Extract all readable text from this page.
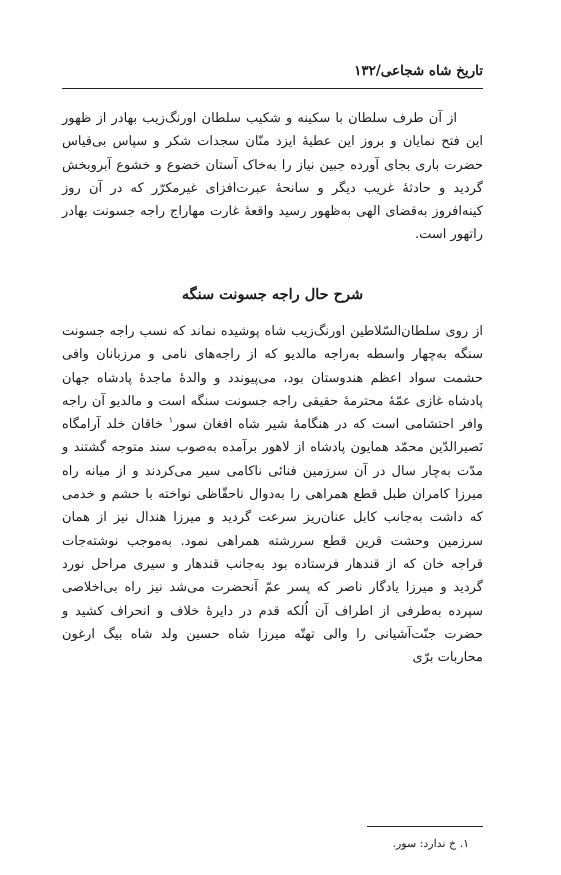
تاریخ شاه شجاعی/۱۳۲

از آن طرف سلطان با سکینه و شکیب سلطان اورنگ‌زیب بهادر از ظهور این فتح نمایان و بروز این عطیهٔ ایزد منّان سجدات شکر و سپاس بی‌قیاس حضرت باری بجای آورده جبین نیاز را به‌خاک آستان خضوع و خشوع آبروبخش گردید و حادثهٔ غریب دیگر و سانحهٔ عبرت‌افزای غیرمکرّر که در آن روز کینه‌افروز به‌قضای الهی به‌ظهور رسید واقعهٔ غارت مهاراج راجه جسونت بهادر راتهور است.

شرح حال راجه جسونت سنگه

از روی سلطان‌السّلاطین اورنگ‌زیب شاه پوشیده نماند که نسب راجه جسونت سنگه به‌چهار واسطه به‌راجه مالدیو که از راجه‌های نامی و مرزبانان وافی حشمت سواد اعظم هندوستان بود، می‌پیوندد و والدهٔ ماجدهٔ پادشاه جهان پادشاه غازی عمّهٔ محترمهٔ حقیقی راجه جسونت سنگه است و مالدیو آن راجه وافر احتشامی است که در هنگامهٔ شیر شاه افغان سور$^۱$ خاقان خلد آرامگاه نَصیرالدّین محمّد همایون پادشاه از لاهور برآمده به‌صوب سند متوجه گشتند و مدّت به‌چار سال در آن سرزمین فنائی ناکامی سیر می‌کردند و از میانه راه میرزا کامران طبل قطع همراهی را به‌دوال ناحقّاظی نواخته با حشم و خدمی که داشت به‌جانب کابل عنان‌ریز سرعت گردید و میرزا هندال نیز از همان سرزمین وحشت قرین قطع سررشته همراهی نمود. به‌موجب نوشته‌جات قراجه خان که از قندهار فرستاده بود به‌جانب قندهار و سیری مراحل نورد گردید و میرزا یادگار ناصر که پسر عمّ آنحضرت می‌شد نیز راه بی‌اخلاصی سپرده به‌طرفی از اطراف آن اُلکه قدم در دایرهٔ خلاف و انحراف کشید و حضرت جنّت‌آشیانی را والی تهتّه میرزا شاه حسین ولد شاه بیگ ارغون محاربات برّی

۱. خ ندارد: سور.
